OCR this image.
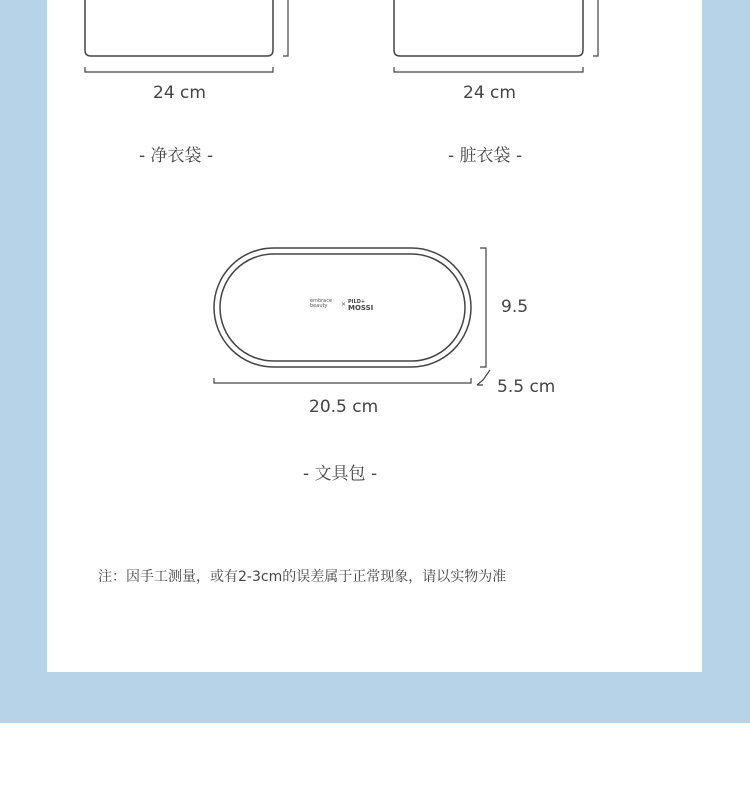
embrace
beauty	× PILD+
MOSSI
24 cm
- 净衣袋 -
24 cm
- 脏衣袋 -
9.5
5.5 cm
20.5 cm
- 文具包 -
注：因手工测量，或有2-3cm的误差属于正常现象，请以实物为准
